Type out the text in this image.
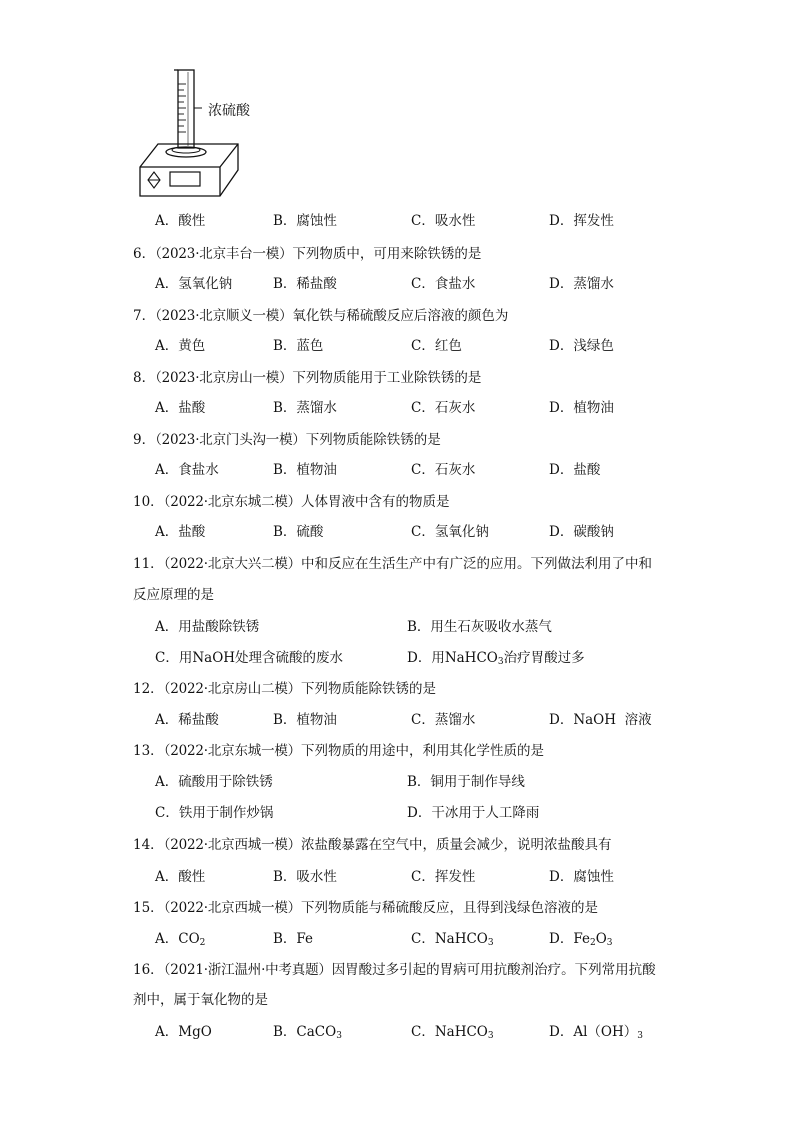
浓硫酸
A．酸性	B．腐蚀性	C．吸水性	D．挥发性
6．（2023·北京丰台一模）下列物质中，可用来除铁锈的是
A．氢氧化钠	B．稀盐酸	C．食盐水	D．蒸馏水
7．（2023·北京顺义一模）氧化铁与稀硫酸反应后溶液的颜色为
A．黄色	B．蓝色	C．红色	D．浅绿色
8．（2023·北京房山一模）下列物质能用于工业除铁锈的是
A．盐酸	B．蒸馏水	C．石灰水	D．植物油
9．（2023·北京门头沟一模）下列物质能除铁锈的是
A．食盐水	B．植物油	C．石灰水	D．盐酸
10．（2022·北京东城二模）人体胃液中含有的物质是
A．盐酸	B．硫酸	C．氢氧化钠	D．碳酸钠
11．（2022·北京大兴二模）中和反应在生活生产中有广泛的应用。下列做法利用了中和
反应原理的是
A．用盐酸除铁锈	B．用生石灰吸收水蒸气
C．用NaOH处理含硫酸的废水	D．用NaHCO$_3$治疗胃酸过多
12．（2022·北京房山二模）下列物质能除铁锈的是
A．稀盐酸	B．植物油	C．蒸馏水	D．NaOH  溶液
13．（2022·北京东城一模）下列物质的用途中，利用其化学性质的是
A．硫酸用于除铁锈	B．铜用于制作导线
C．铁用于制作炒锅	D．干冰用于人工降雨
14．（2022·北京西城一模）浓盐酸暴露在空气中，质量会减少，说明浓盐酸具有
A．酸性	B．吸水性	C．挥发性	D．腐蚀性
15．（2022·北京西城一模）下列物质能与稀硫酸反应，且得到浅绿色溶液的是
A．$CO_2$	B．Fe	C．NaHCO$_3$	D．$Fe_2O_3$
16．（2021·浙江温州·中考真题）因胃酸过多引起的胃病可用抗酸剂治疗。下列常用抗酸
剂中，属于氧化物的是
A．MgO	B．CaCO$_3$	C．NaHCO$_3$	D．$Al(OH)_3$
